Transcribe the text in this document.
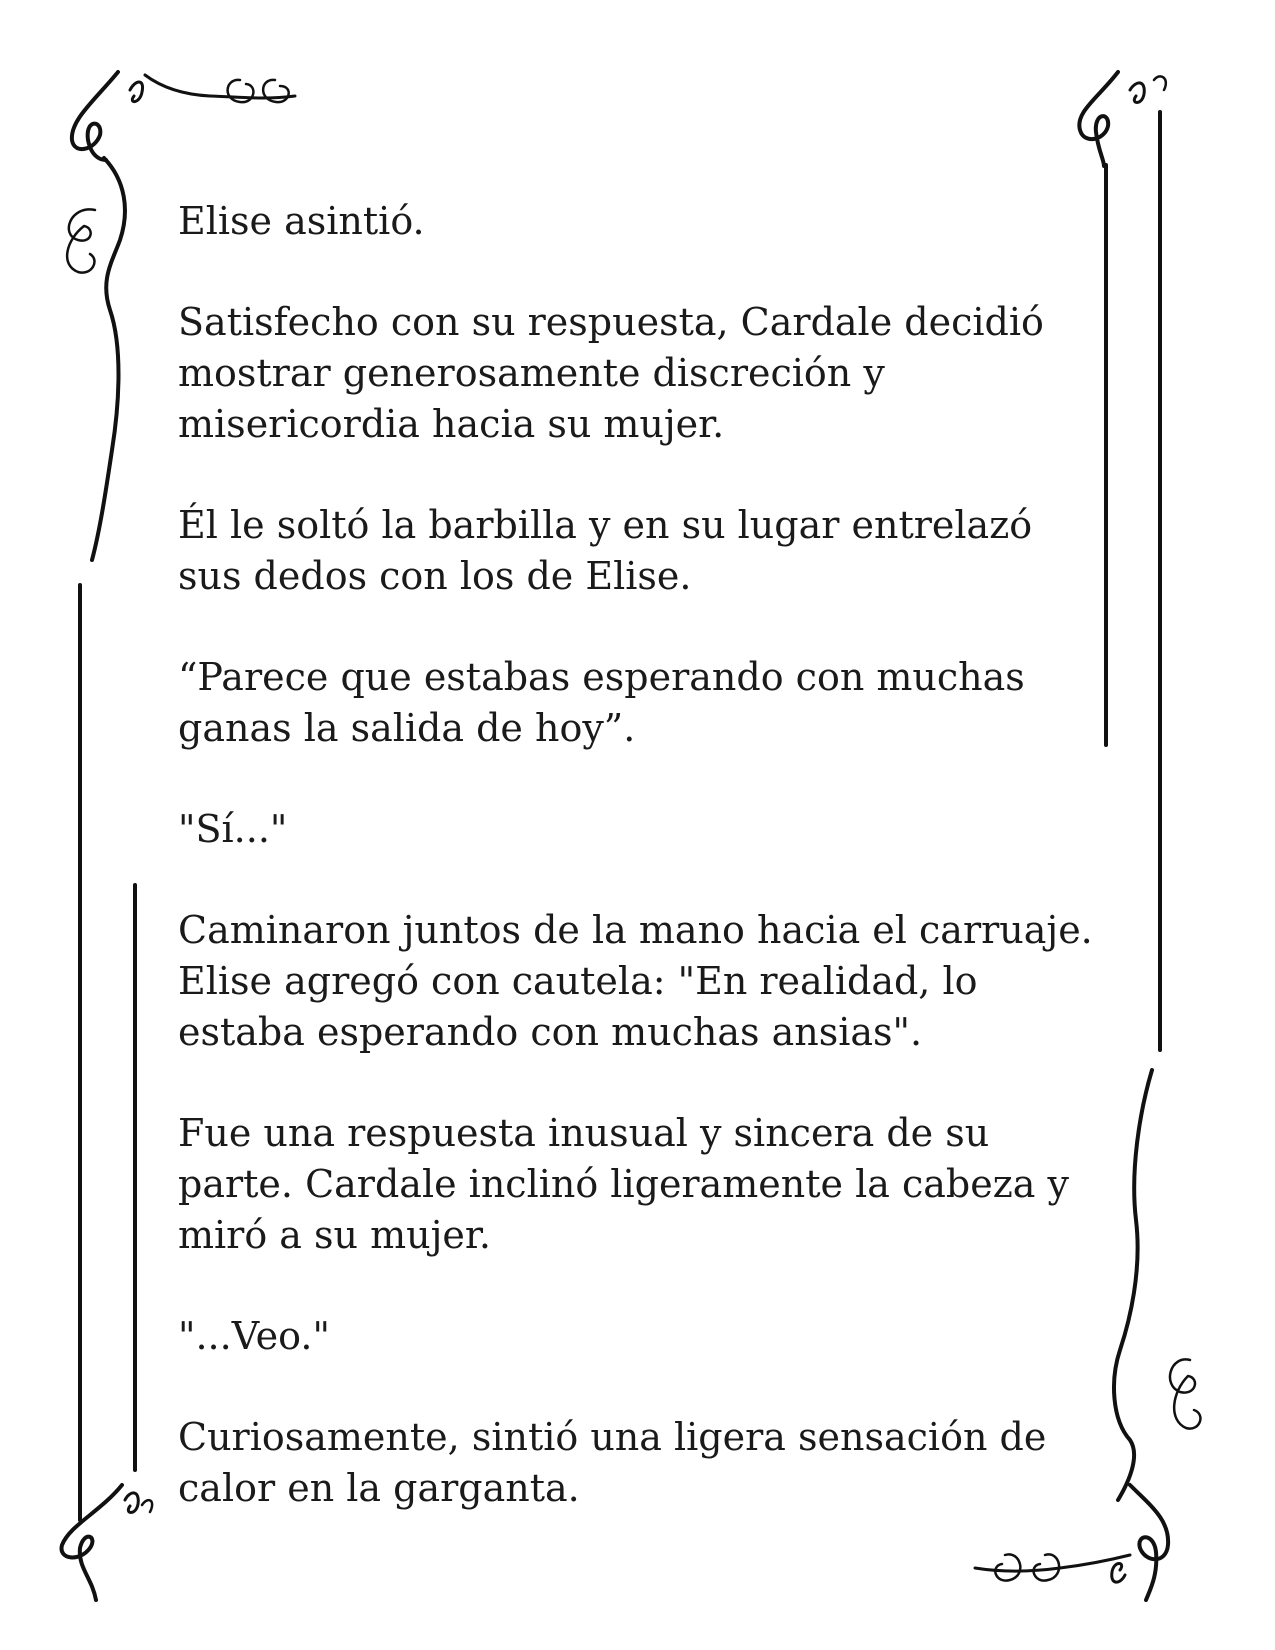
Elise asintió.

Satisfecho con su respuesta, Cardale decidió
mostrar generosamente discreción y
misericordia hacia su mujer.

Él le soltó la barbilla y en su lugar entrelazó
sus dedos con los de Elise.

“Parece que estabas esperando con muchas
ganas la salida de hoy”.

"Sí..."

Caminaron juntos de la mano hacia el carruaje.
Elise agregó con cautela: "En realidad, lo
estaba esperando con muchas ansias".

Fue una respuesta inusual y sincera de su
parte. Cardale inclinó ligeramente la cabeza y
miró a su mujer.

"...Veo."

Curiosamente, sintió una ligera sensación de
calor en la garganta.
